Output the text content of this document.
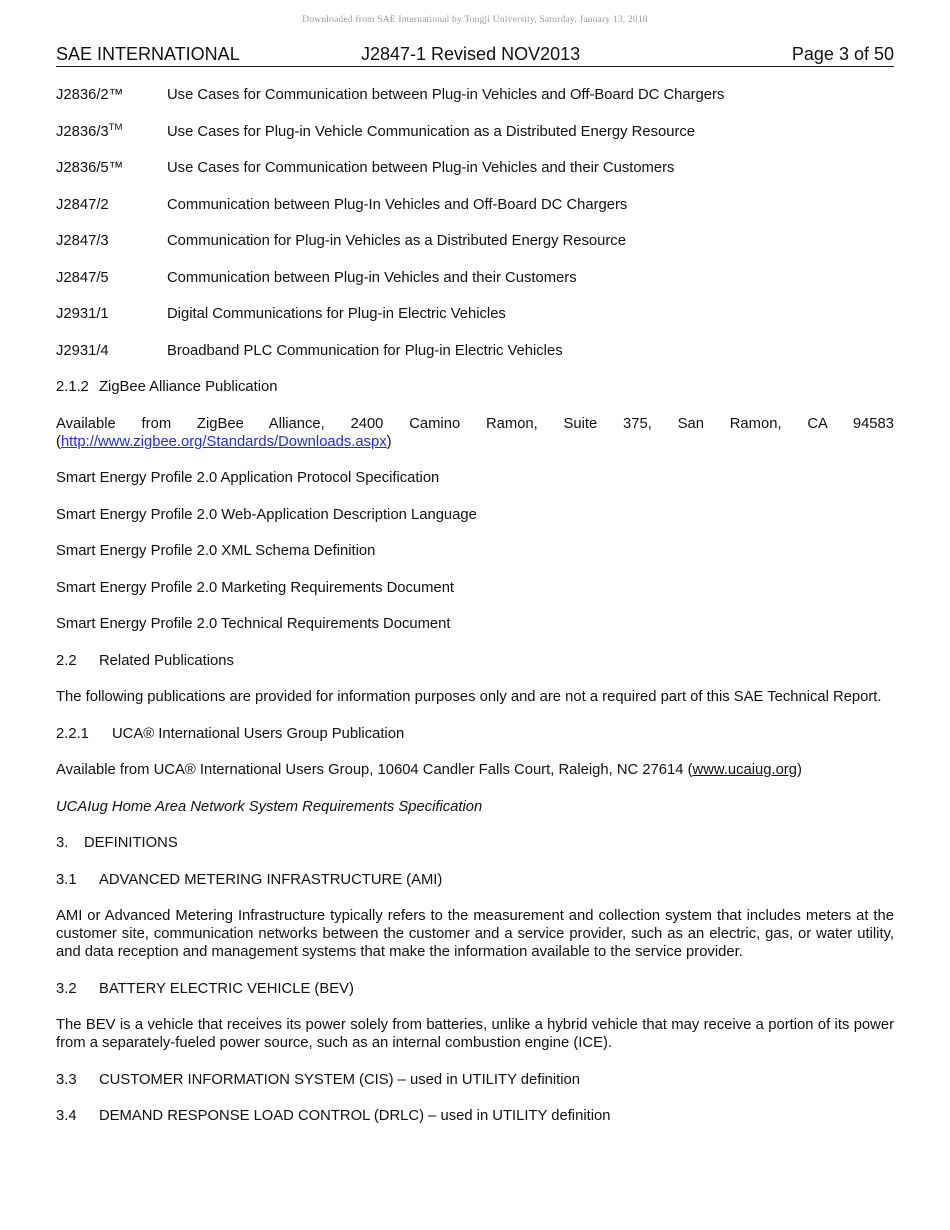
Downloaded from SAE International by Tongji University, Saturday, January 13, 2018
SAE INTERNATIONAL	J2847-1 Revised NOV2013	Page 3 of 50
J2836/2™	Use Cases for Communication between Plug-in Vehicles and Off-Board DC Chargers
J2836/3™	Use Cases for Plug-in Vehicle Communication as a Distributed Energy Resource
J2836/5™	Use Cases for Communication between Plug-in Vehicles and their Customers
J2847/2	Communication between Plug-In Vehicles and Off-Board DC Chargers
J2847/3	Communication for Plug-in Vehicles as a Distributed Energy Resource
J2847/5	Communication between Plug-in Vehicles and their Customers
J2931/1	Digital Communications for Plug-in Electric Vehicles
J2931/4	Broadband PLC Communication for Plug-in Electric Vehicles
2.1.2 ZigBee Alliance Publication
Available from ZigBee Alliance, 2400 Camino Ramon, Suite 375, San Ramon, CA 94583
(http://www.zigbee.org/Standards/Downloads.aspx)
Smart Energy Profile 2.0 Application Protocol Specification
Smart Energy Profile 2.0 Web-Application Description Language
Smart Energy Profile 2.0 XML Schema Definition
Smart Energy Profile 2.0 Marketing Requirements Document
Smart Energy Profile 2.0 Technical Requirements Document
2.2 Related Publications
The following publications are provided for information purposes only and are not a required part of this SAE Technical Report.
2.2.1 UCA® International Users Group Publication
Available from UCA® International Users Group, 10604 Candler Falls Court, Raleigh, NC 27614 (www.ucaiug.org)
UCAIug Home Area Network System Requirements Specification
3. DEFINITIONS
3.1 ADVANCED METERING INFRASTRUCTURE (AMI)
AMI or Advanced Metering Infrastructure typically refers to the measurement and collection system that includes meters at the customer site, communication networks between the customer and a service provider, such as an electric, gas, or water utility, and data reception and management systems that make the information available to the service provider.
3.2 BATTERY ELECTRIC VEHICLE (BEV)
The BEV is a vehicle that receives its power solely from batteries, unlike a hybrid vehicle that may receive a portion of its power from a separately-fueled power source, such as an internal combustion engine (ICE).
3.3 CUSTOMER INFORMATION SYSTEM (CIS) – used in UTILITY definition
3.4 DEMAND RESPONSE LOAD CONTROL (DRLC) – used in UTILITY definition
